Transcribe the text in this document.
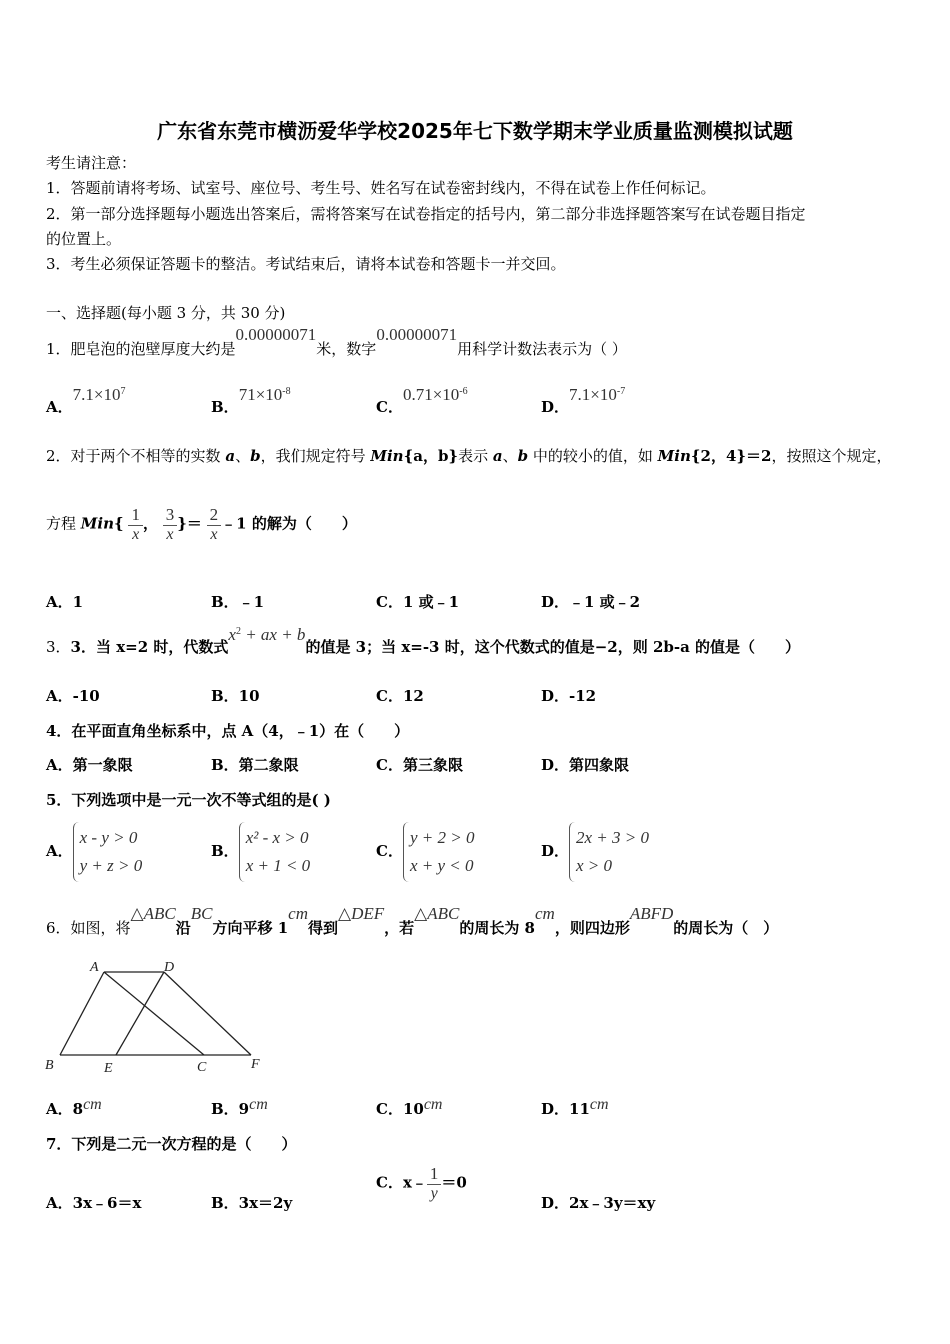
广东省东莞市横沥爱华学校2025年七下数学期末学业质量监测模拟试题
考生请注意：
1．答题前请将考场、试室号、座位号、考生号、姓名写在试卷密封线内，不得在试卷上作任何标记。
2．第一部分选择题每小题选出答案后，需将答案写在试卷指定的括号内，第二部分非选择题答案写在试卷题目指定
的位置上。
3．考生必须保证答题卡的整洁。考试结束后，请将本试卷和答题卡一并交回。
一、选择题(每小题 3 分，共 30 分)
1．肥皂泡的泡壁厚度大约是0.00000071米，数字0.00000071用科学计数法表示为（ ）
A．$7.1\times 10^7$
B．$71\times 10^{-8}$
C．$0.71\times 10^{-6}$
D．$7.1\times 10^{-7}$
2．对于两个不相等的实数 a、b，我们规定符号 Min{a，b}表示 a、b 中的较小的值，如 Min{2，4}＝2，按照这个规定，
方程 $Min\{ \frac{1}{x}$ ， $\frac{3}{x}$ }＝ $\frac{2}{x}$ ﹣1 的解为（　　）
A．1	B．﹣1	C．1 或﹣1	D．﹣1 或﹣2
3．3．当 x=2 时，代数式$x^2$ + ax + b的值是 3；当 x=-3 时，这个代数式的值是−2，则 2b-a 的值是（　　）
A．-10	B．10	C．12	D．-12
4．在平面直角坐标系中，点 A（4，﹣1）在（　　）
A．第一象限	B．第二象限	C．第三象限	D．第四象限
5．下列选项中是一元一次不等式组的是( )
A．x - y > 0
y + z > 0
B．x² - x > 0
x + 1 < 0
C．y + 2 > 0
x + y < 0
D．2x + 3 > 0
x > 0
6．如图，将△ABC沿BC方向平移 1cm得到△DEF，若△ABC的周长为 8cm，则四边形ABFD的周长为（　）
A	D
B	E	C	F
A．8cm	B．9cm	C．10cm	D．11cm
7．下列是二元一次方程的是（　　）
A．3x﹣6＝x	B．3x＝2y
C．x﹣ $\frac{1}{y} =0$
D．2x﹣3y＝xy
